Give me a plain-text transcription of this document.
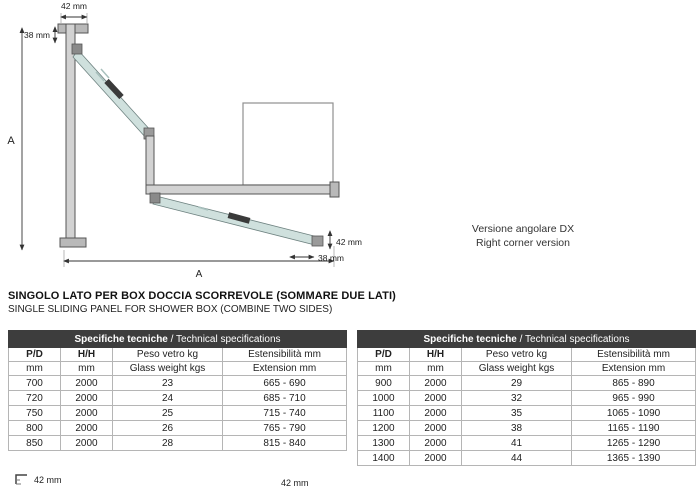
42 mm
38 mm
A
A
42 mm
38 mm
Versione angolare DX
Right corner version
SINGOLO LATO PER BOX DOCCIA SCORREVOLE (SOMMARE DUE LATI)
SINGLE SLIDING PANEL FOR SHOWER BOX (COMBINE TWO SIDES)
Specifiche tecniche / Technical specifications			
P/D	H/H	Peso vetro kg	Estensibilità mm
mm	mm	Glass weight kgs	Extension mm
700	2000	23	665 - 690
720	2000	24	685 - 710
750	2000	25	715 - 740
800	2000	26	765 - 790
850	2000	28	815 - 840
Specifiche tecniche / Technical specifications			
P/D	H/H	Peso vetro kg	Estensibilità mm
mm	mm	Glass weight kgs	Extension mm
900	2000	29	865 - 890
1000	2000	32	965 - 990
1100	2000	35	1065 - 1090
1200	2000	38	1165 - 1190
1300	2000	41	1265 - 1290
1400	2000	44	1365 - 1390
42 mm	42 mm
